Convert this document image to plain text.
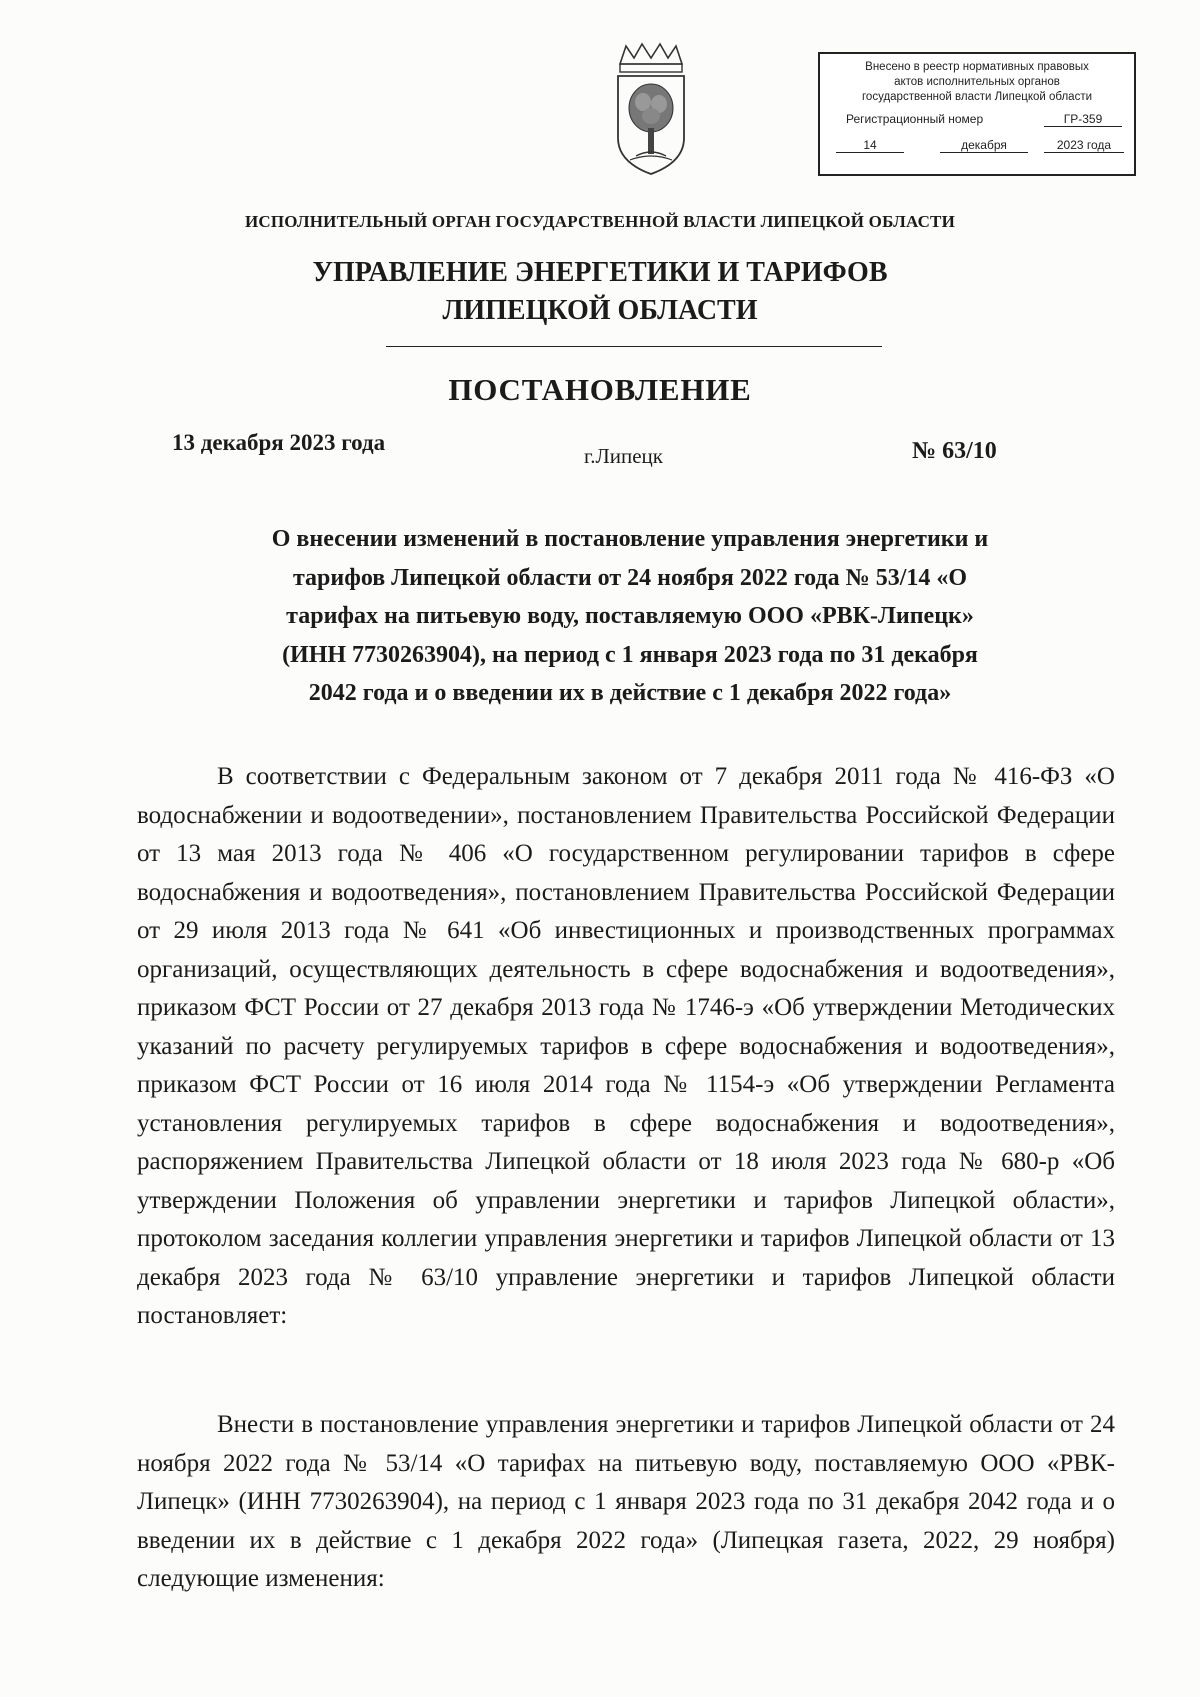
Внесено в реестр нормативных правовых
актов исполнительных органов
государственной власти Липецкой области
Регистрационный номер	ГР-359
14	декабря	2023 года
ИСПОЛНИТЕЛЬНЫЙ ОРГАН ГОСУДАРСТВЕННОЙ ВЛАСТИ ЛИПЕЦКОЙ ОБЛАСТИ
УПРАВЛЕНИЕ ЭНЕРГЕТИКИ И ТАРИФОВ
ЛИПЕЦКОЙ ОБЛАСТИ
ПОСТАНОВЛЕНИЕ
13 декабря 2023 года
г.Липецк	№ 63/10
О внесении изменений в постановление управления энергетики и
тарифов Липецкой области от 24 ноября 2022 года № 53/14 «О
тарифах на питьевую воду, поставляемую ООО «РВК-Липецк»
(ИНН 7730263904), на период с 1 января 2023 года по 31 декабря
2042 года и о введении их в действие с 1 декабря 2022 года»
В соответствии с Федеральным законом от 7 декабря 2011 года № 416-ФЗ «О водоснабжении и водоотведении», постановлением Правительства Российской Федерации от 13 мая 2013 года № 406 «О государственном регулировании тарифов в сфере водоснабжения и водоотведения», постановлением Правительства Российской Федерации от 29 июля 2013 года № 641 «Об инвестиционных и производственных программах организаций, осуществляющих деятельность в сфере водоснабжения и водоотведения», приказом ФСТ России от 27 декабря 2013 года № 1746-э «Об утверждении Методических указаний по расчету регулируемых тарифов в сфере водоснабжения и водоотведения», приказом ФСТ России от 16 июля 2014 года № 1154-э «Об утверждении Регламента установления регулируемых тарифов в сфере водоснабжения и водоотведения», распоряжением Правительства Липецкой области от 18 июля 2023 года № 680-р «Об утверждении Положения об управлении энергетики и тарифов Липецкой области», протоколом заседания коллегии управления энергетики и тарифов Липецкой области от 13 декабря 2023 года № 63/10 управление энергетики и тарифов Липецкой области постановляет:
Внести в постановление управления энергетики и тарифов Липецкой области от 24 ноября 2022 года № 53/14 «О тарифах на питьевую воду, поставляемую ООО «РВК-Липецк» (ИНН 7730263904), на период с 1 января 2023 года по 31 декабря 2042 года и о введении их в действие с 1 декабря 2022 года» (Липецкая газета, 2022, 29 ноября) следующие изменения:
